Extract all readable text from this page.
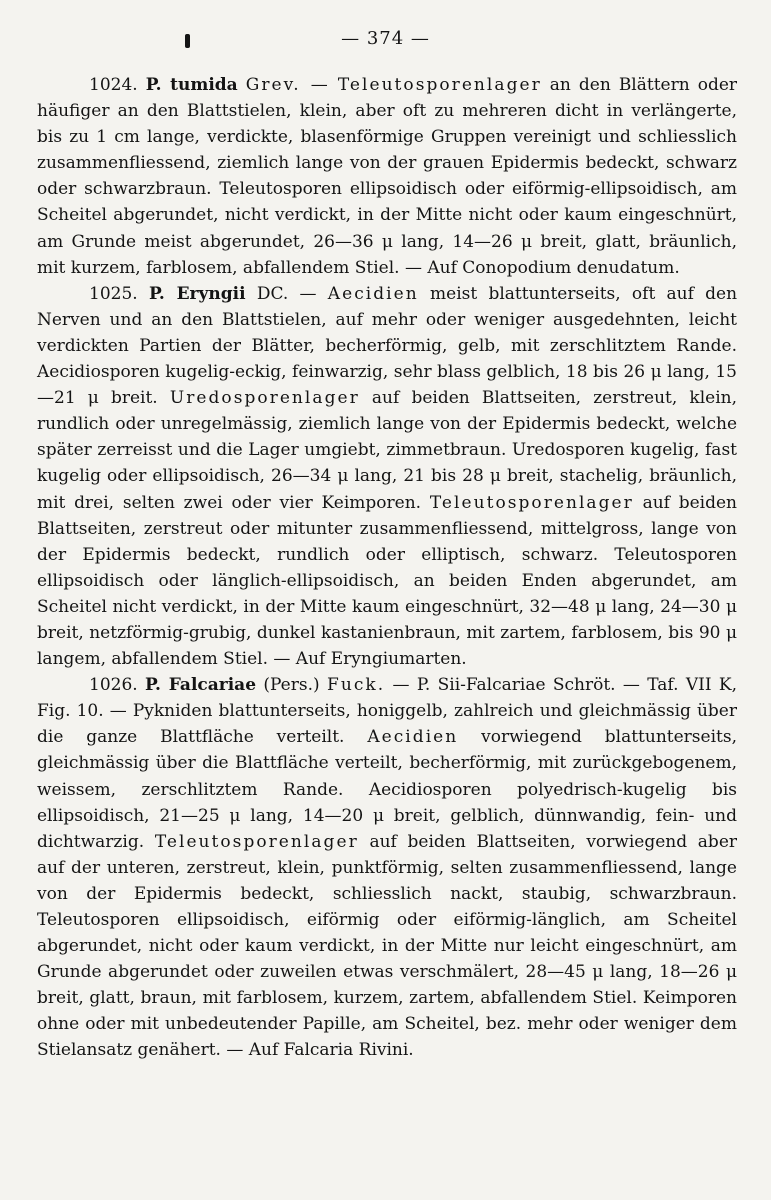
— 374 —

1024. P. tumida Grev. — Teleutosporenlager an den Blättern oder häufiger an den Blattstielen, klein, aber oft zu mehreren dicht in verlängerte, bis zu 1 cm lange, verdickte, blasenförmige Gruppen vereinigt und schliesslich zusammenfliessend, ziemlich lange von der grauen Epidermis bedeckt, schwarz oder schwarzbraun. Teleutosporen ellipsoidisch oder eiförmig-ellipsoidisch, am Scheitel abgerundet, nicht verdickt, in der Mitte nicht oder kaum eingeschnürt, am Grunde meist abgerundet, 26—36 μ lang, 14—26 μ breit, glatt, bräunlich, mit kurzem, farblosem, abfallendem Stiel. — Auf Conopodium denudatum.

1025. P. Eryngii DC. — Aecidien meist blattunterseits, oft auf den Nerven und an den Blattstielen, auf mehr oder weniger ausgedehnten, leicht verdickten Partien der Blätter, becherförmig, gelb, mit zerschlitztem Rande. Aecidiosporen kugelig-eckig, feinwarzig, sehr blass gelblich, 18 bis 26 μ lang, 15—21 μ breit. Uredosporenlager auf beiden Blattseiten, zerstreut, klein, rundlich oder unregelmässig, ziemlich lange von der Epidermis bedeckt, welche später zerreisst und die Lager umgiebt, zimmetbraun. Uredosporen kugelig, fast kugelig oder ellipsoidisch, 26—34 μ lang, 21 bis 28 μ breit, stachelig, bräunlich, mit drei, selten zwei oder vier Keimporen. Teleutosporenlager auf beiden Blattseiten, zerstreut oder mitunter zusammenfliessend, mittelgross, lange von der Epidermis bedeckt, rundlich oder elliptisch, schwarz. Teleutosporen ellipsoidisch oder länglich-ellipsoidisch, an beiden Enden abgerundet, am Scheitel nicht verdickt, in der Mitte kaum eingeschnürt, 32—48 μ lang, 24—30 μ breit, netzförmig-grubig, dunkel kastanienbraun, mit zartem, farblosem, bis 90 μ langem, abfallendem Stiel. — Auf Eryngiumarten.

1026. P. Falcariae (Pers.) Fuck. — P. Sii-Falcariae Schröt. — Taf. VII K, Fig. 10. — Pykniden blattunterseits, honiggelb, zahlreich und gleichmässig über die ganze Blattfläche verteilt. Aecidien vorwiegend blattunterseits, gleichmässig über die Blattfläche verteilt, becherförmig, mit zurückgebogenem, weissem, zerschlitztem Rande. Aecidiosporen polyedrisch-kugelig bis ellipsoidisch, 21—25 μ lang, 14—20 μ breit, gelblich, dünnwandig, fein- und dichtwarzig. Teleutosporenlager auf beiden Blattseiten, vorwiegend aber auf der unteren, zerstreut, klein, punktförmig, selten zusammenfliessend, lange von der Epidermis bedeckt, schliesslich nackt, staubig, schwarzbraun. Teleutosporen ellipsoidisch, eiförmig oder eiförmig-länglich, am Scheitel abgerundet, nicht oder kaum verdickt, in der Mitte nur leicht eingeschnürt, am Grunde abgerundet oder zuweilen etwas verschmälert, 28—45 μ lang, 18—26 μ breit, glatt, braun, mit farblosem, kurzem, zartem, abfallendem Stiel. Keimporen ohne oder mit unbedeutender Papille, am Scheitel, bez. mehr oder weniger dem Stielansatz genähert. — Auf Falcaria Rivini.
